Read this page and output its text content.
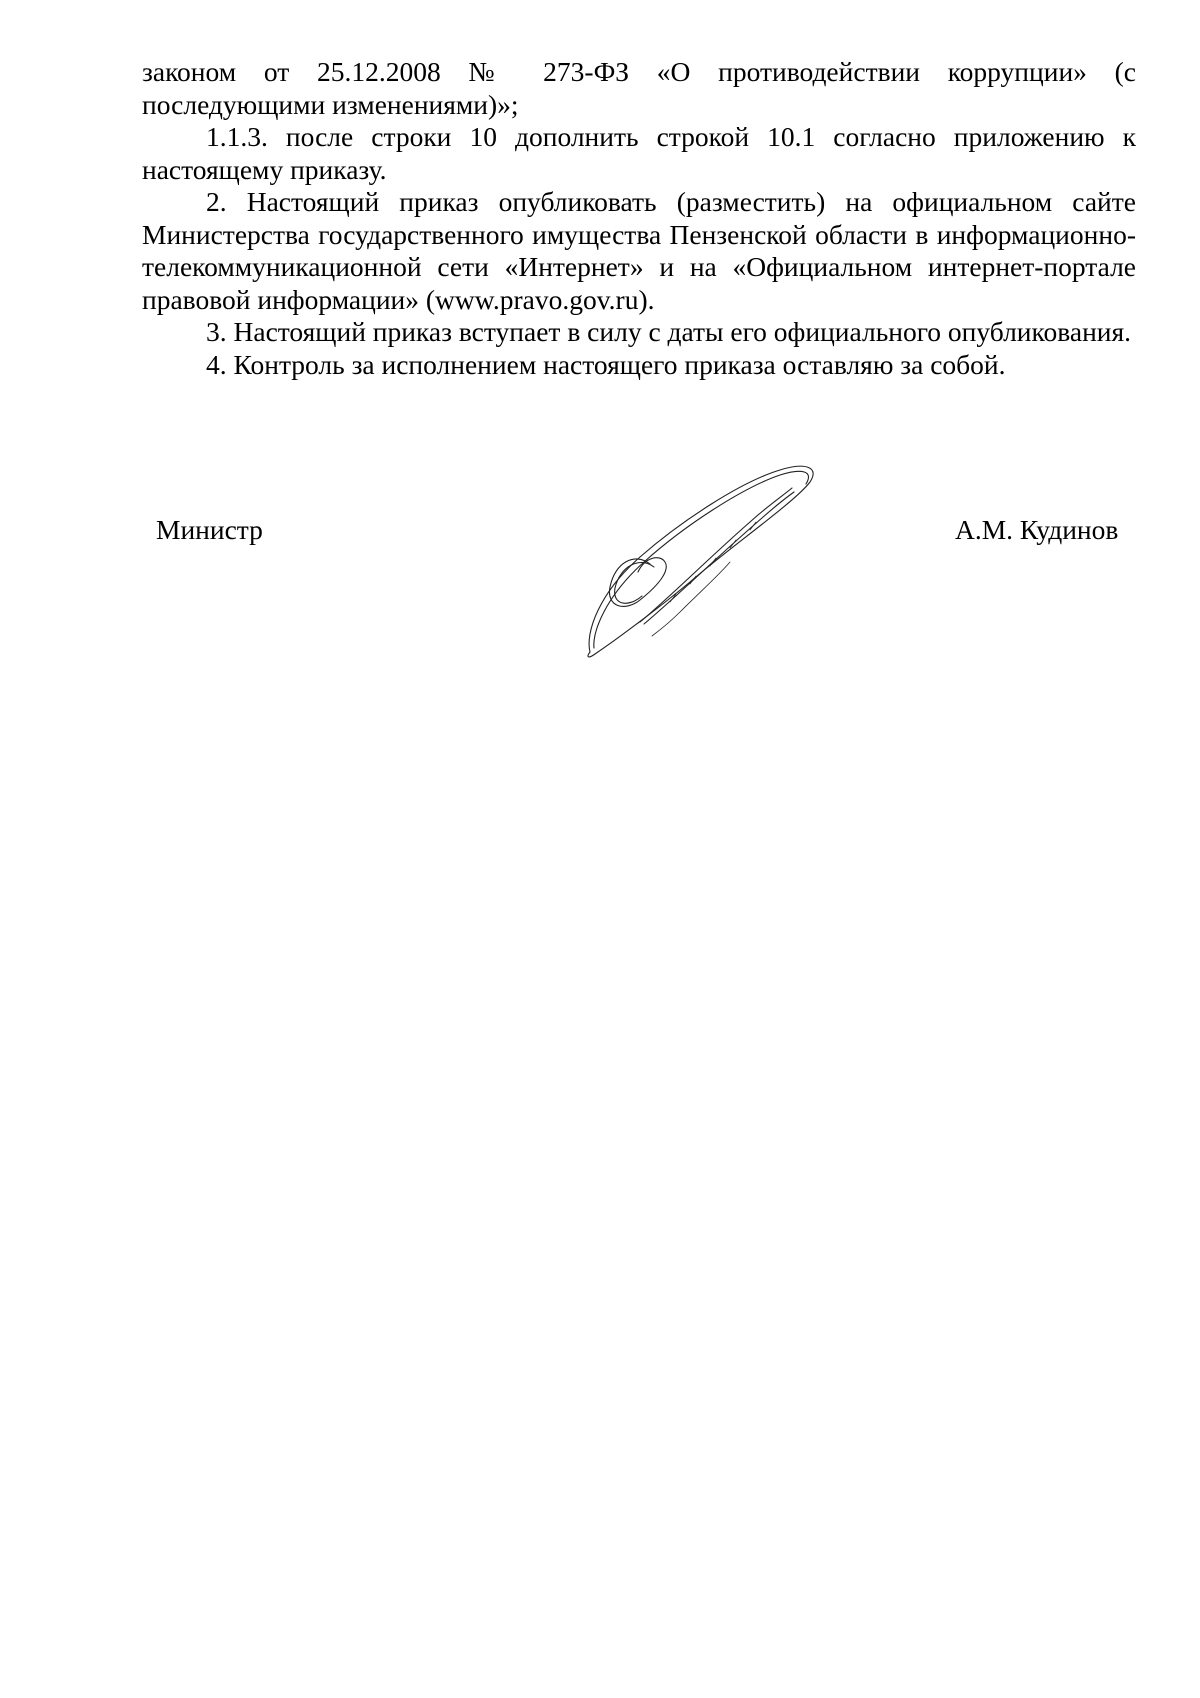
законом от 25.12.2008 № 273-ФЗ «О противодействии коррупции» (с последующими изменениями)»;

1.1.3. после строки 10 дополнить строкой 10.1 согласно приложению к настоящему приказу.

2. Настоящий приказ опубликовать (разместить) на официальном сайте Министерства государственного имущества Пензенской области в информационно-телекоммуникационной сети «Интернет» и на «Официальном интернет-портале правовой информации» (www.pravo.gov.ru).

3. Настоящий приказ вступает в силу с даты его официального опубликования.

4. Контроль за исполнением настоящего приказа оставляю за собой.

Министр	А.М. Кудинов
